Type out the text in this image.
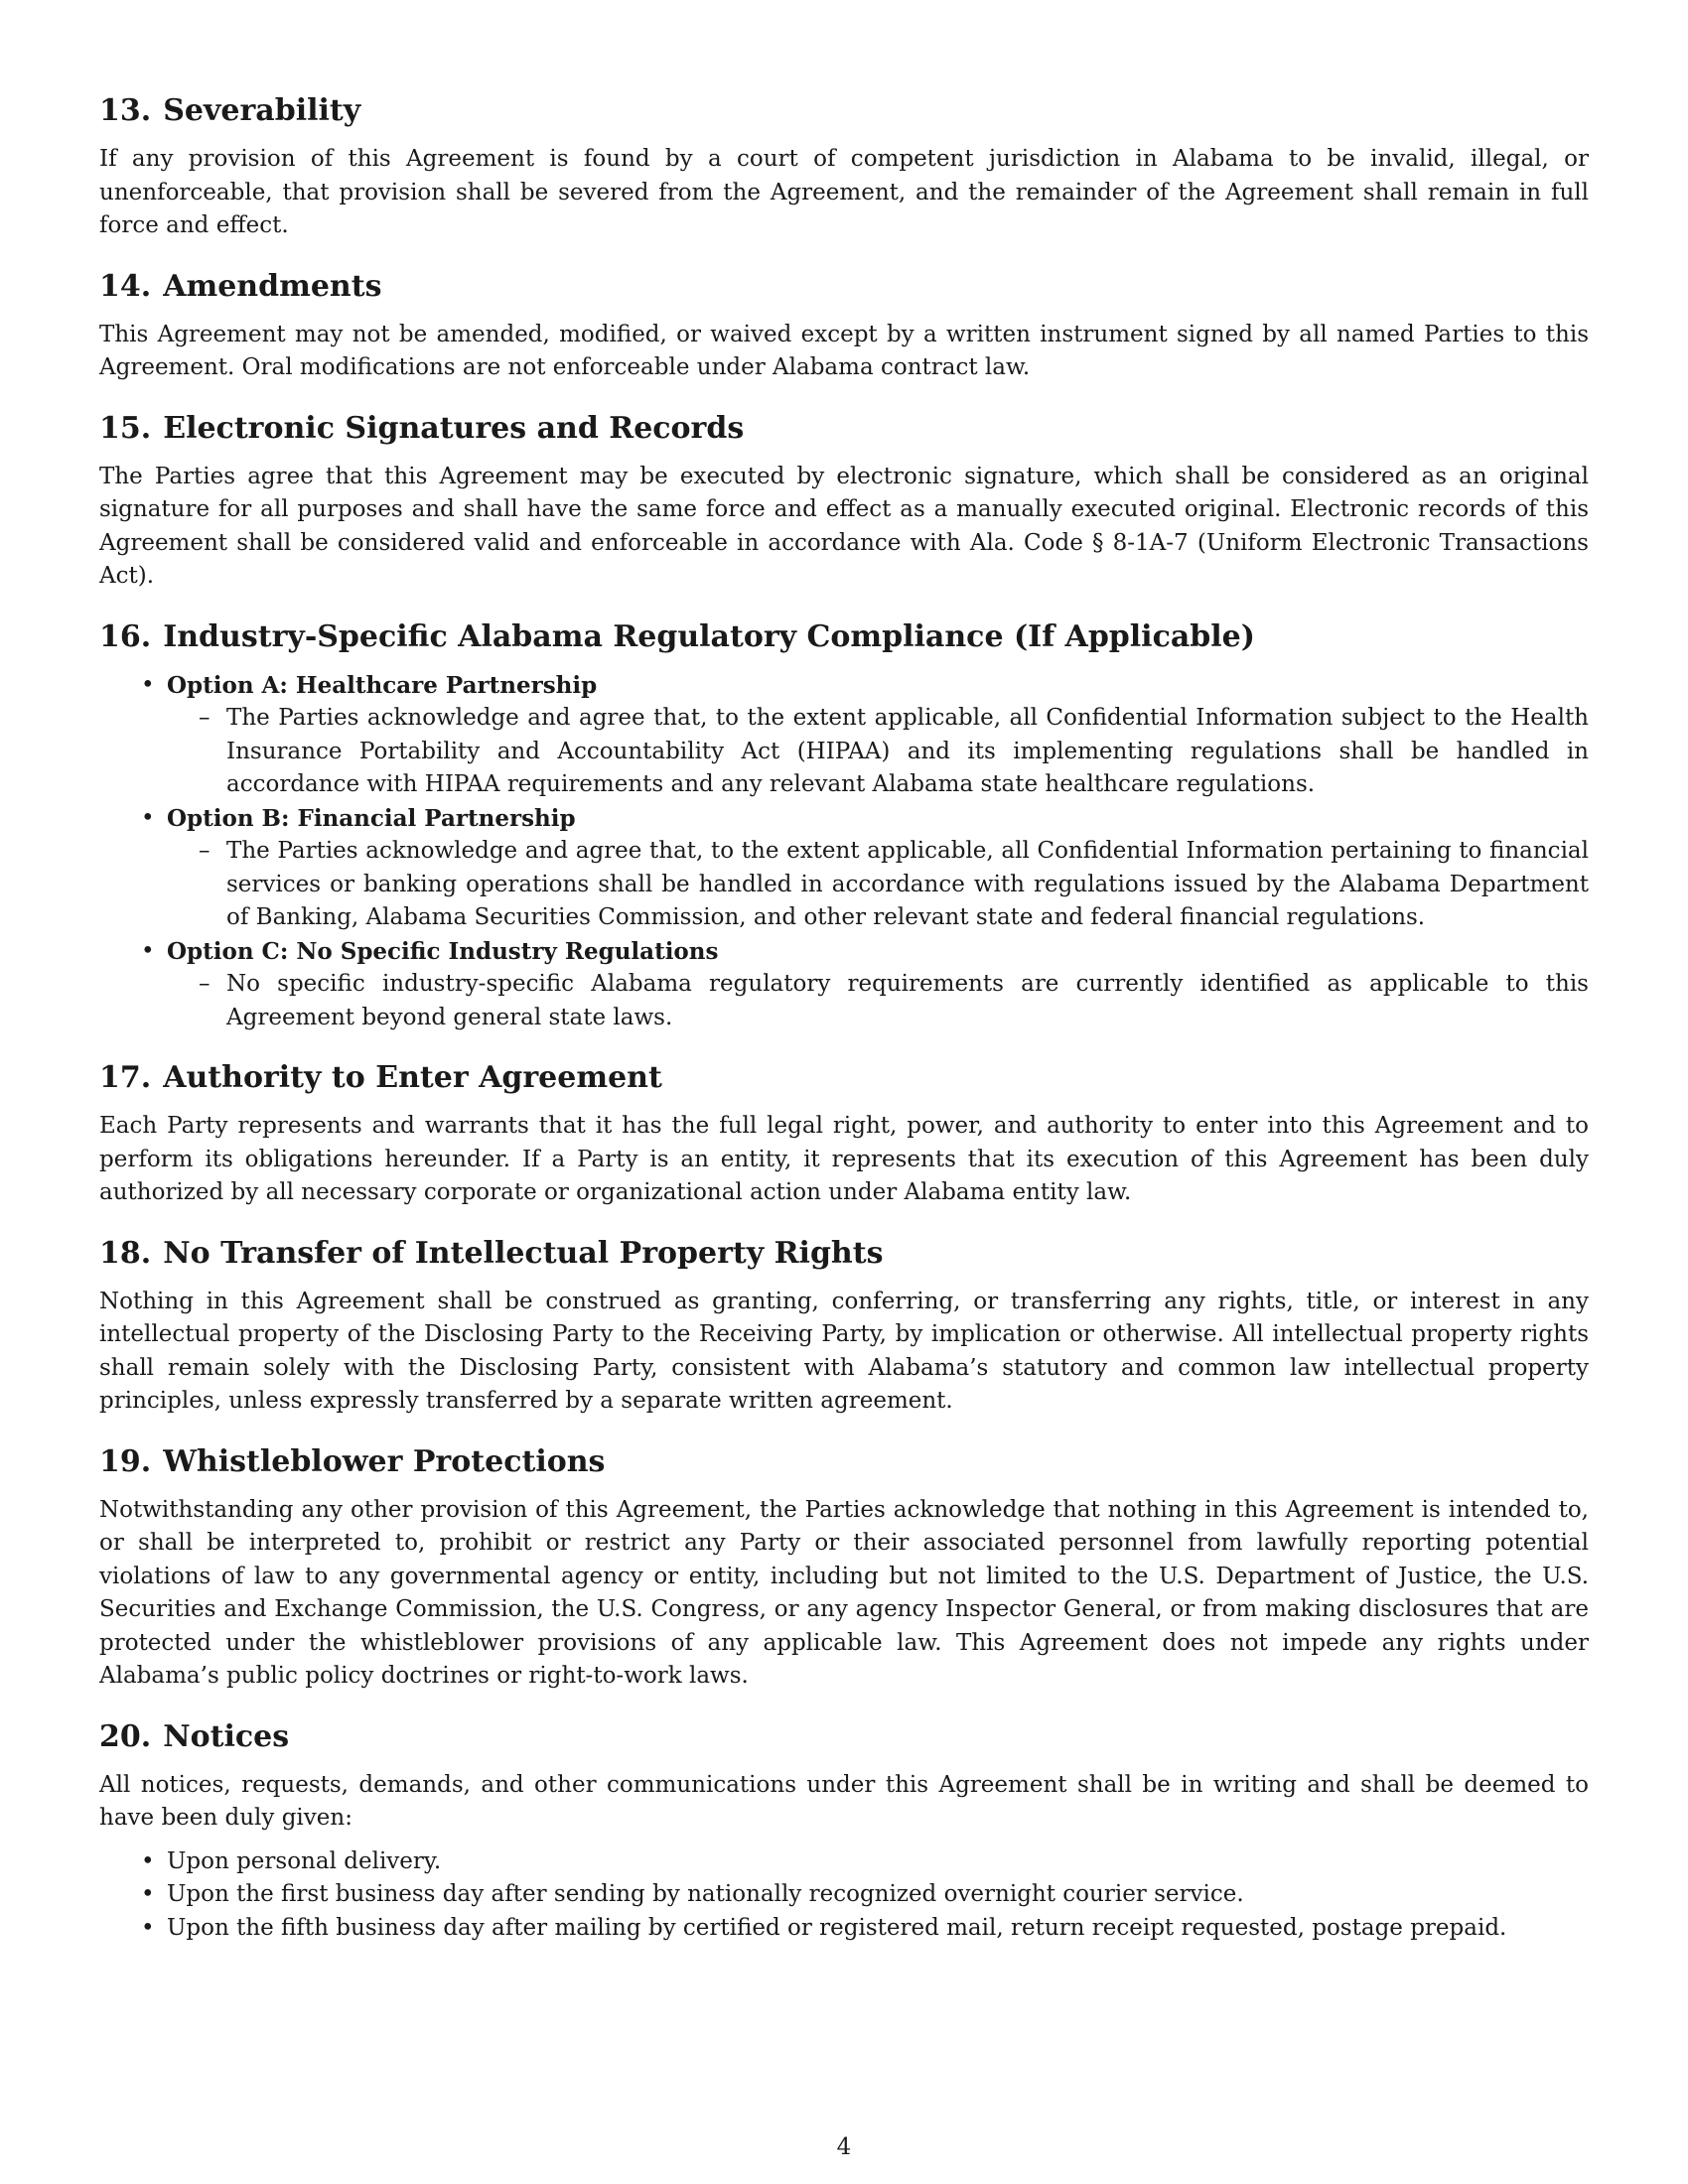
13. Severability

If any provision of this Agreement is found by a court of competent jurisdiction in Alabama to be invalid, illegal, or unenforceable, that provision shall be severed from the Agreement, and the remainder of the Agreement shall remain in full force and effect.

14. Amendments

This Agreement may not be amended, modified, or waived except by a written instrument signed by all named Parties to this Agreement. Oral modifications are not enforceable under Alabama contract law.

15. Electronic Signatures and Records

The Parties agree that this Agreement may be executed by electronic signature, which shall be considered as an original signature for all purposes and shall have the same force and effect as a manually executed original. Electronic records of this Agreement shall be considered valid and enforceable in accordance with Ala. Code § 8-1A-7 (Uniform Electronic Transactions Act).

16. Industry-Specific Alabama Regulatory Compliance (If Applicable)
• Option A: Healthcare Partnership
– The Parties acknowledge and agree that, to the extent applicable, all Confidential Information subject to the Health Insurance Portability and Accountability Act (HIPAA) and its implementing regulations shall be handled in accordance with HIPAA requirements and any relevant Alabama state healthcare regulations.
• Option B: Financial Partnership
– The Parties acknowledge and agree that, to the extent applicable, all Confidential Information pertaining to financial services or banking operations shall be handled in accordance with regulations issued by the Alabama Department of Banking, Alabama Securities Commission, and other relevant state and federal financial regulations.
• Option C: No Specific Industry Regulations
– No specific industry-specific Alabama regulatory requirements are currently identified as applicable to this Agreement beyond general state laws.
17. Authority to Enter Agreement

Each Party represents and warrants that it has the full legal right, power, and authority to enter into this Agreement and to perform its obligations hereunder. If a Party is an entity, it represents that its execution of this Agreement has been duly authorized by all necessary corporate or organizational action under Alabama entity law.

18. No Transfer of Intellectual Property Rights

Nothing in this Agreement shall be construed as granting, conferring, or transferring any rights, title, or interest in any intellectual property of the Disclosing Party to the Receiving Party, by implication or otherwise. All intellectual property rights shall remain solely with the Disclosing Party, consistent with Alabama’s statutory and common law intellectual property principles, unless expressly transferred by a separate written agreement.

19. Whistleblower Protections

Notwithstanding any other provision of this Agreement, the Parties acknowledge that nothing in this Agreement is intended to, or shall be interpreted to, prohibit or restrict any Party or their associated personnel from lawfully reporting potential violations of law to any governmental agency or entity, including but not limited to the U.S. Department of Justice, the U.S. Securities and Exchange Commission, the U.S. Congress, or any agency Inspector General, or from making disclosures that are protected under the whistleblower provisions of any applicable law. This Agreement does not impede any rights under Alabama’s public policy doctrines or right-to-work laws.

20. Notices

All notices, requests, demands, and other communications under this Agreement shall be in writing and shall be deemed to have been duly given:

• Upon personal delivery.
• Upon the first business day after sending by nationally recognized overnight courier service.
• Upon the fifth business day after mailing by certified or registered mail, return receipt requested, postage prepaid.
4
